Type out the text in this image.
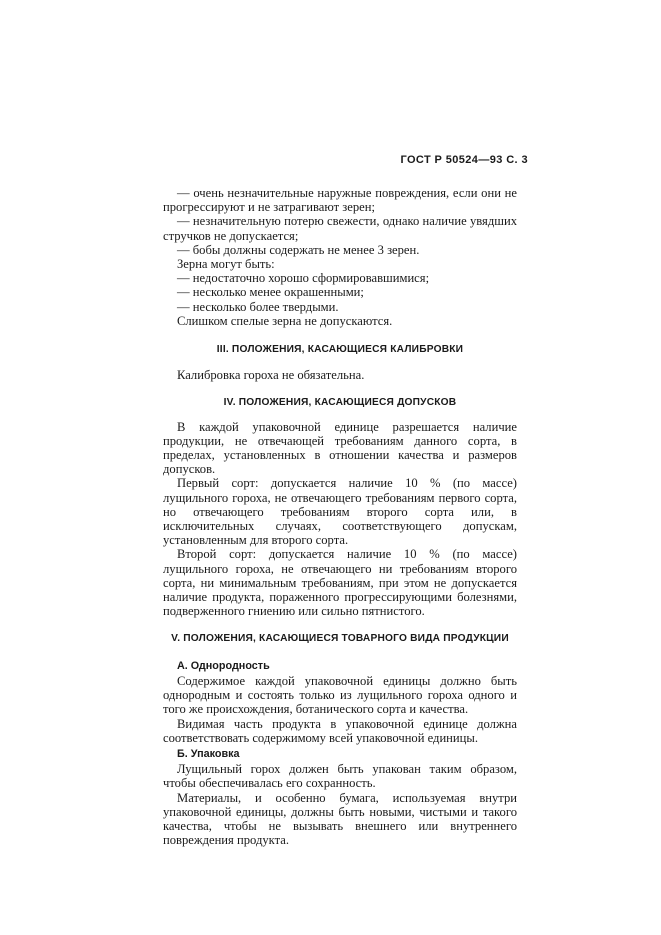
ГОСТ Р 50524—93 С. 3

— очень незначительные наружные повреждения, если они не прогрессируют и не затрагивают зерен;

— незначительную потерю свежести, однако наличие увядших стручков не допускается;

— бобы должны содержать не менее 3 зерен.

Зерна могут быть:

— недостаточно хорошо сформировавшимися;

— несколько менее окрашенными;

— несколько более твердыми.

Слишком спелые зерна не допускаются.

III. ПОЛОЖЕНИЯ, КАСАЮЩИЕСЯ КАЛИБРОВКИ

Калибровка гороха не обязательна.

IV. ПОЛОЖЕНИЯ, КАСАЮЩИЕСЯ ДОПУСКОВ

В каждой упаковочной единице разрешается наличие продукции, не отвечающей требованиям данного сорта, в пределах, установленных в отношении качества и размеров допусков.

Первый сорт: допускается наличие 10 % (по массе) лущильного гороха, не отвечающего требованиям первого сорта, но отвечающего требованиям второго сорта или, в исключительных случаях, соответствующего допускам, установленным для второго сорта.

Второй сорт: допускается наличие 10 % (по массе) лущильного гороха, не отвечающего ни требованиям второго сорта, ни минимальным требованиям, при этом не допускается наличие продукта, пораженного прогрессирующими болезнями, подверженного гниению или сильно пятнистого.

V. ПОЛОЖЕНИЯ, КАСАЮЩИЕСЯ ТОВАРНОГО ВИДА ПРОДУКЦИИ
А. Однородность

Содержимое каждой упаковочной единицы должно быть однородным и состоять только из лущильного гороха одного и того же происхождения, ботанического сорта и качества.

Видимая часть продукта в упаковочной единице должна соответствовать содержимому всей упаковочной единицы.

Б. Упаковка

Лущильный горох должен быть упакован таким образом, чтобы обеспечивалась его сохранность.

Материалы, и особенно бумага, используемая внутри упаковочной единицы, должны быть новыми, чистыми и такого качества, чтобы не вызывать внешнего или внутреннего повреждения продукта.
